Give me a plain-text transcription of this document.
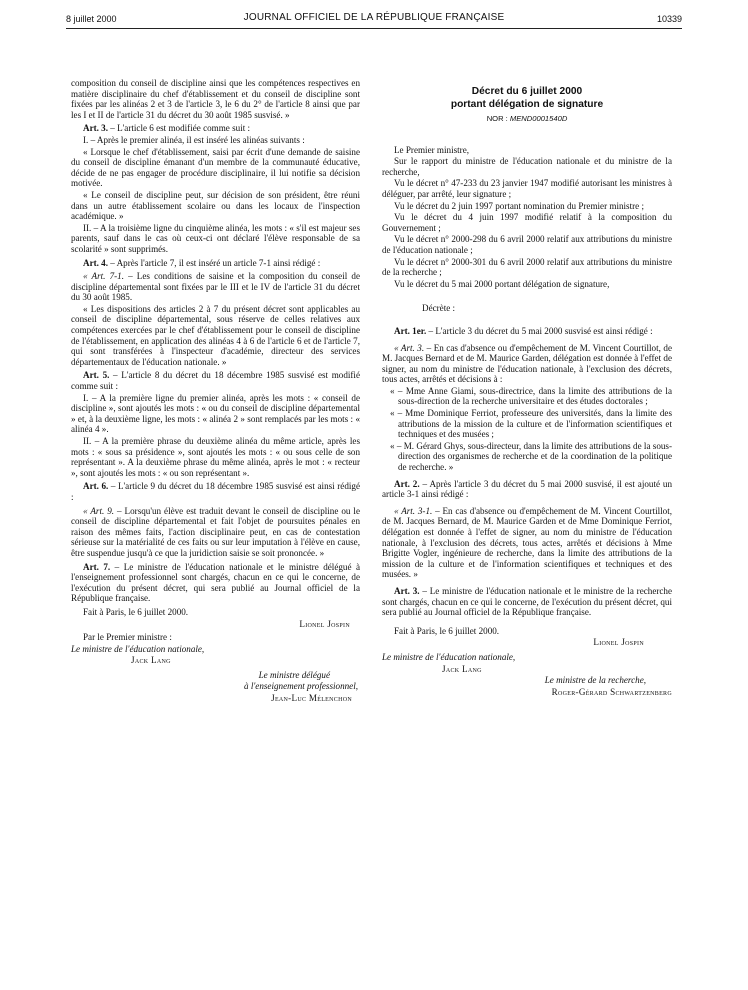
8 juillet 2000	JOURNAL OFFICIEL DE LA RÉPUBLIQUE FRANÇAISE	10339

composition du conseil de discipline ainsi que les compétences respectives en matière disciplinaire du chef d'établissement et du conseil de discipline sont fixées par les alinéas 2 et 3 de l'article 3, le 6 du 2° de l'article 8 ainsi que par les I et II de l'article 31 du décret du 30 août 1985 susvisé. »

Art. 3. – L'article 6 est modifiée comme suit :

I. – Après le premier alinéa, il est inséré les alinéas suivants :

« Lorsque le chef d'établissement, saisi par écrit d'une demande de saisine du conseil de discipline émanant d'un membre de la communauté éducative, décide de ne pas engager de procédure disciplinaire, il lui notifie sa décision motivée.

« Le conseil de discipline peut, sur décision de son président, être réuni dans un autre établissement scolaire ou dans les locaux de l'inspection académique. »

II. – A la troisième ligne du cinquième alinéa, les mots : « s'il est majeur ses parents, sauf dans le cas où ceux-ci ont déclaré l'élève responsable de sa scolarité » sont supprimés.

Art. 4. – Après l'article 7, il est inséré un article 7-1 ainsi rédigé :

« Art. 7-1. – Les conditions de saisine et la composition du conseil de discipline départemental sont fixées par le III et le IV de l'article 31 du décret du 30 août 1985.

« Les dispositions des articles 2 à 7 du présent décret sont applicables au conseil de discipline départemental, sous réserve de celles relatives aux compétences exercées par le chef d'établissement pour le conseil de discipline de l'établissement, en application des alinéas 4 à 6 de l'article 6 et de l'article 7, qui sont transférées à l'inspecteur d'académie, directeur des services départementaux de l'éducation nationale. »

Art. 5. – L'article 8 du décret du 18 décembre 1985 susvisé est modifié comme suit :

I. – A la première ligne du premier alinéa, après les mots : « conseil de discipline », sont ajoutés les mots : « ou du conseil de discipline départemental » et, à la deuxième ligne, les mots : « alinéa 2 » sont remplacés par les mots : « alinéa 4 ».

II. – A la première phrase du deuxième alinéa du même article, après les mots : « sous sa présidence », sont ajoutés les mots : « ou sous celle de son représentant ». A la deuxième phrase du même alinéa, après le mot : « recteur », sont ajoutés les mots : « ou son représentant ».

Art. 6. – L'article 9 du décret du 18 décembre 1985 susvisé est ainsi rédigé :

« Art. 9. – Lorsqu'un élève est traduit devant le conseil de discipline ou le conseil de discipline départemental et fait l'objet de poursuites pénales en raison des mêmes faits, l'action disciplinaire peut, en cas de contestation sérieuse sur la matérialité de ces faits ou sur leur imputation à l'élève en cause, être suspendue jusqu'à ce que la juridiction saisie se soit prononcée. »

Art. 7. – Le ministre de l'éducation nationale et le ministre délégué à l'enseignement professionnel sont chargés, chacun en ce qui le concerne, de l'exécution du présent décret, qui sera publié au Journal officiel de la République française.

Fait à Paris, le 6 juillet 2000.

Lionel Jospin

Par le Premier ministre :

Le ministre de l'éducation nationale,

Jack Lang

Le ministre délégué

à l'enseignement professionnel,

Jean-Luc Mélenchon

Décret du 6 juillet 2000

portant délégation de signature

NOR : MEND0001540D

Le Premier ministre,

Sur le rapport du ministre de l'éducation nationale et du ministre de la recherche,

Vu le décret n° 47-233 du 23 janvier 1947 modifié autorisant les ministres à déléguer, par arrêté, leur signature ;

Vu le décret du 2 juin 1997 portant nomination du Premier ministre ;

Vu le décret du 4 juin 1997 modifié relatif à la composition du Gouvernement ;

Vu le décret n° 2000-298 du 6 avril 2000 relatif aux attributions du ministre de l'éducation nationale ;

Vu le décret n° 2000-301 du 6 avril 2000 relatif aux attributions du ministre de la recherche ;

Vu le décret du 5 mai 2000 portant délégation de signature,

Décrète :

Art. 1er. – L'article 3 du décret du 5 mai 2000 susvisé est ainsi rédigé :

« Art. 3. – En cas d'absence ou d'empêchement de M. Vincent Courtillot, de M. Jacques Bernard et de M. Maurice Garden, délégation est donnée à l'effet de signer, au nom du ministre de l'éducation nationale, à l'exclusion des décrets, tous actes, arrêtés et décisions à :

« – Mme Anne Giami, sous-directrice, dans la limite des attributions de la sous-direction de la recherche universitaire et des études doctorales ;

« – Mme Dominique Ferriot, professeure des universités, dans la limite des attributions de la mission de la culture et de l'information scientifiques et techniques et des musées ;

« – M. Gérard Ghys, sous-directeur, dans la limite des attributions de la sous-direction des organismes de recherche et de la coordination de la politique de recherche. »

Art. 2. – Après l'article 3 du décret du 5 mai 2000 susvisé, il est ajouté un article 3-1 ainsi rédigé :

« Art. 3-1. – En cas d'absence ou d'empêchement de M. Vincent Courtillot, de M. Jacques Bernard, de M. Maurice Garden et de Mme Dominique Ferriot, délégation est donnée à l'effet de signer, au nom du ministre de l'éducation nationale, à l'exclusion des décrets, tous actes, arrêtés et décisions à Mme Brigitte Vogler, ingénieure de recherche, dans la limite des attributions de la mission de la culture et de l'information scientifiques et techniques et des musées. »

Art. 3. – Le ministre de l'éducation nationale et le ministre de la recherche sont chargés, chacun en ce qui le concerne, de l'exécution du présent décret, qui sera publié au Journal officiel de la République française.

Fait à Paris, le 6 juillet 2000.

Lionel Jospin

Le ministre de l'éducation nationale,

Jack Lang

Le ministre de la recherche,

Roger-Gérard Schwartzenberg
